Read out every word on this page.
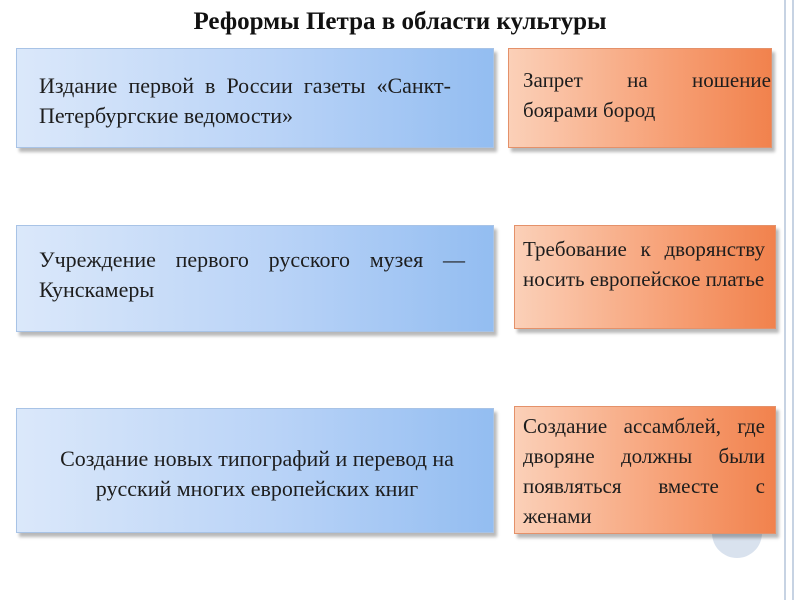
Реформы Петра в области культуры
Издание первой в России газеты «Санкт-Петербургские ведомости»
Учреждение первого русского музея — Кунскамеры
Создание новых типографий и перевод на русский многих европейских книг
Запрет на ношение боярами бород
Требование к дворянству носить европейское платье
Создание ассамблей, где дворяне должны были появляться вместе с женами
